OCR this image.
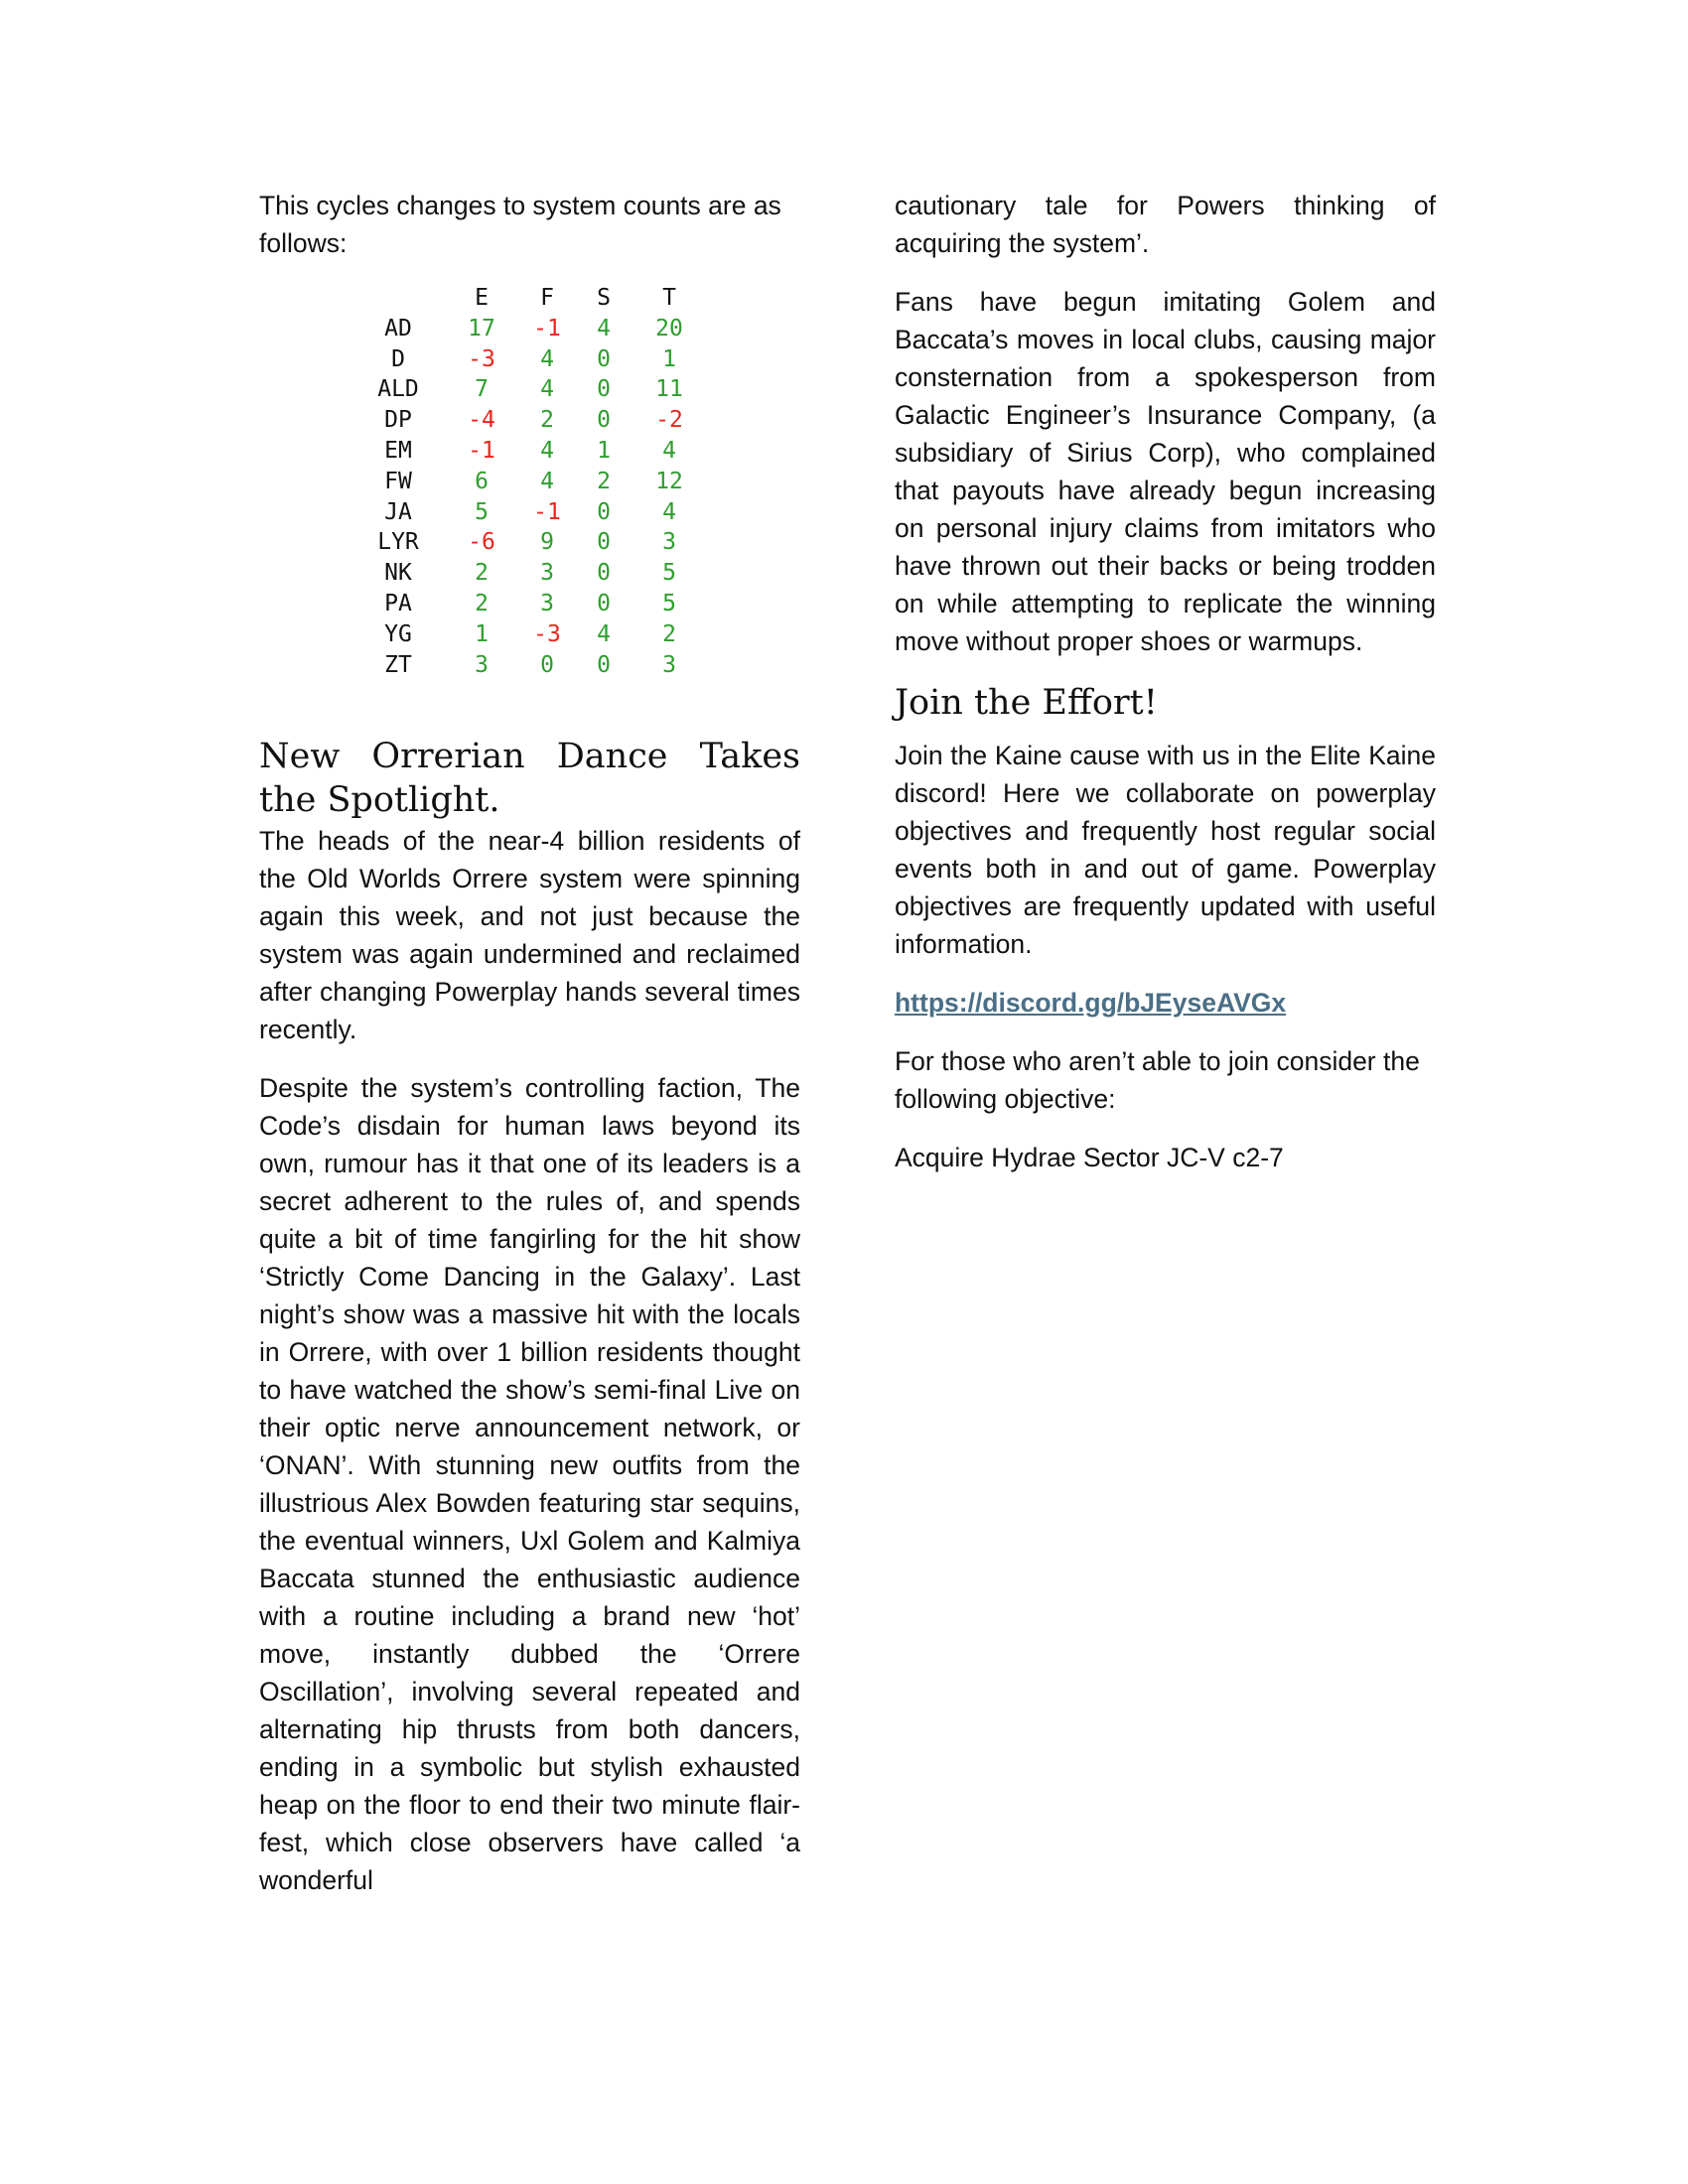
This cycles changes to system counts are as follows:

	E	F	S	T
AD	17	-1	4	20
D	-3	4	0	1
ALD	7	4	0	11
DP	-4	2	0	-2
EM	-1	4	1	4
FW	6	4	2	12
JA	5	-1	0	4
LYR	-6	9	0	3
NK	2	3	0	5
PA	2	3	0	5
YG	1	-3	4	2
ZT	3	0	0	3
New Orrerian Dance Takes the Spotlight.

The heads of the near-4 billion residents of the Old Worlds Orrere system were spinning again this week, and not just because the system was again undermined and reclaimed after changing Powerplay hands several times recently.

Despite the system’s controlling faction, The Code’s disdain for human laws beyond its own, rumour has it that one of its leaders is a secret adherent to the rules of, and spends quite a bit of time fangirling for the hit show ‘Strictly Come Dancing in the Galaxy’. Last night’s show was a massive hit with the locals in Orrere, with over 1 billion residents thought to have watched the show’s semi-final Live on their optic nerve announcement network, or ‘ONAN’. With stunning new outfits from the illustrious Alex Bowden featuring star sequins, the eventual winners, Uxl Golem and Kalmiya Baccata stunned the enthusiastic audience with a routine including a brand new ‘hot’ move, instantly dubbed the ‘Orrere Oscillation’, involving several repeated and alternating hip thrusts from both dancers, ending in a symbolic but stylish exhausted heap on the floor to end their two minute flair-fest, which close observers have called ‘a wonderful

cautionary tale for Powers thinking of acquiring the system’.

Fans have begun imitating Golem and Baccata’s moves in local clubs, causing major consternation from a spokesperson from Galactic Engineer’s Insurance Company, (a subsidiary of Sirius Corp), who complained that payouts have already begun increasing on personal injury claims from imitators who have thrown out their backs or being trodden on while attempting to replicate the winning move without proper shoes or warmups.

Join the Effort!

Join the Kaine cause with us in the Elite Kaine discord! Here we collaborate on powerplay objectives and frequently host regular social events both in and out of game. Powerplay objectives are frequently updated with useful information.

https://discord.gg/bJEyseAVGx

For those who aren’t able to join consider the following objective:

Acquire Hydrae Sector JC-V c2-7
